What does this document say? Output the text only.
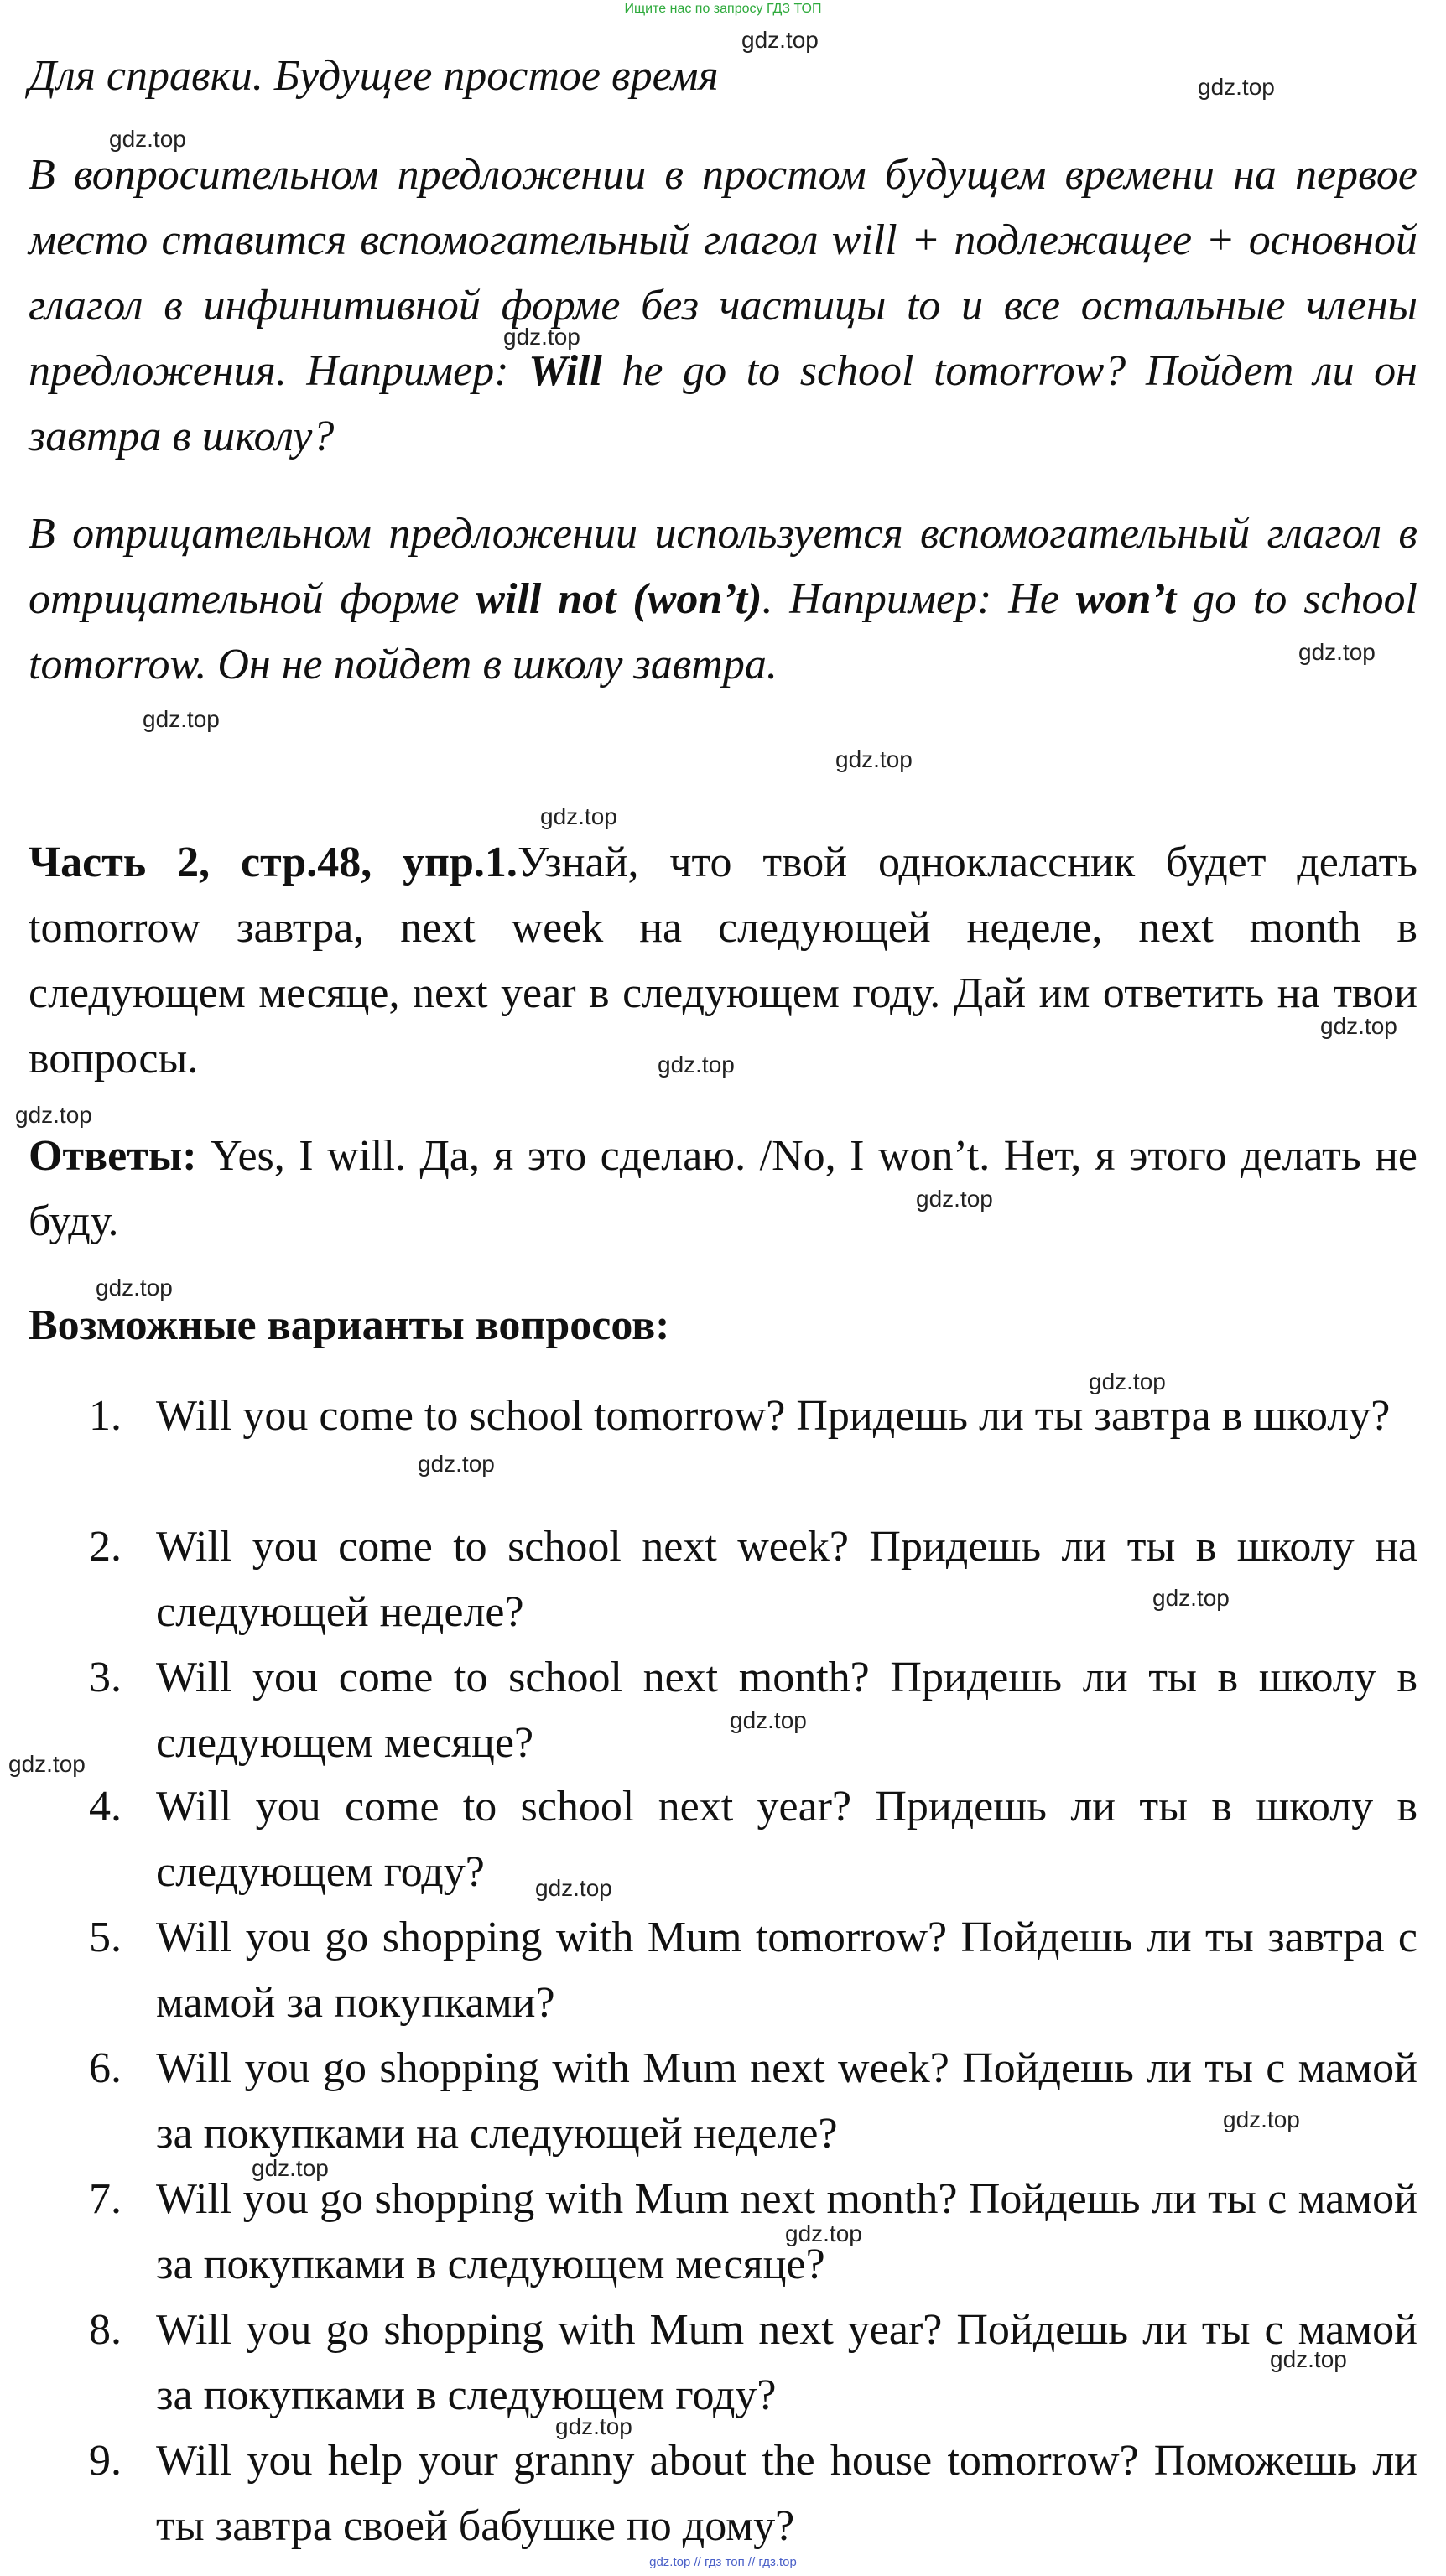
Ищите нас по запросу ГДЗ ТОП
gdz.top
gdz.top
gdz.top
gdz.top
gdz.top
gdz.top
gdz.top
gdz.top
gdz.top
gdz.top
gdz.top
gdz.top
gdz.top
gdz.top
gdz.top
gdz.top
gdz.top
gdz.top
gdz.top
gdz.top
gdz.top
gdz.top
gdz.top
gdz.top
Для справки. Будущее простое время
В вопросительном предложении в простом будущем времени на первое место ставится вспомогательный глагол will + подлежащее + основной глагол в инфинитивной форме без частицы to и все остальные члены предложения. Например: Will he go to school tomorrow? Пойдет ли он завтра в школу?
В отрицательном предложении используется вспомогательный глагол в отрицательной форме will not (won’t). Например: He won’t go to school tomorrow. Он не пойдет в школу завтра.
Часть 2, стр.48, упр.1.Узнай, что твой одноклассник будет делать tomorrow завтра, next week на следующей неделе, next month в следующем месяце, next year в следующем году. Дай им ответить на твои вопросы.
Ответы: Yes, I will. Да, я это сделаю. /No, I won’t. Нет, я этого делать не буду.
Возможные варианты вопросов:
1. Will you come to school tomorrow? Придешь ли ты завтра в школу?
2. Will you come to school next week? Придешь ли ты в школу на следующей неделе?
3. Will you come to school next month? Придешь ли ты в школу в следующем месяце?
4. Will you come to school next year? Придешь ли ты в школу в следующем году?
5. Will you go shopping with Mum tomorrow? Пойдешь ли ты завтра с мамой за покупками?
6. Will you go shopping with Mum next week? Пойдешь ли ты с мамой за покупками на следующей неделе?
7. Will you go shopping with Mum next month? Пойдешь ли ты с мамой за покупками в следующем месяце?
8. Will you go shopping with Mum next year? Пойдешь ли ты с мамой за покупками в следующем году?
9. Will you help your granny about the house tomorrow? Поможешь ли ты завтра своей бабушке по дому?
gdz.top // гдз топ // гдз.top
